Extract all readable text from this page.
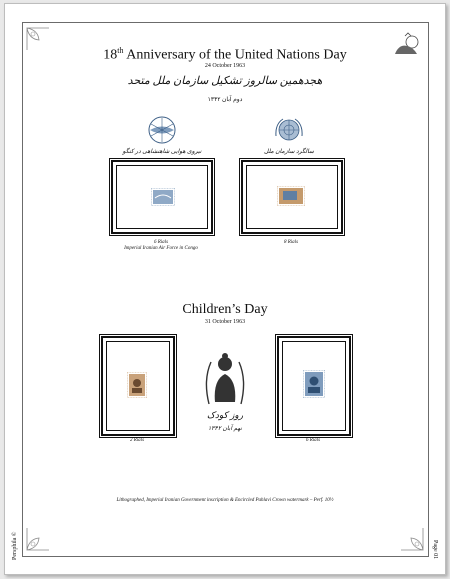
18th Anniversary of the United Nations Day
24 October 1963
هجدهمین سالروز تشکیل سازمان ملل متحد
دوم آبان ۱۳۴۲
نیروی هوایی شاهنشاهی در کنگو	سالگرد سازمان ملل
6 Rials
Imperial Iranian Air Force in Congo
8 Rials
Children’s Day
31 October 1963
2 Rials
روز کودک
نهم آبان ۱۳۴۲
6 Rials
Lithographed, Imperial Iranian Government inscription & Encircled Pahlavi Crown watermark – Perf. 10½
Persphila ©	Page 01
